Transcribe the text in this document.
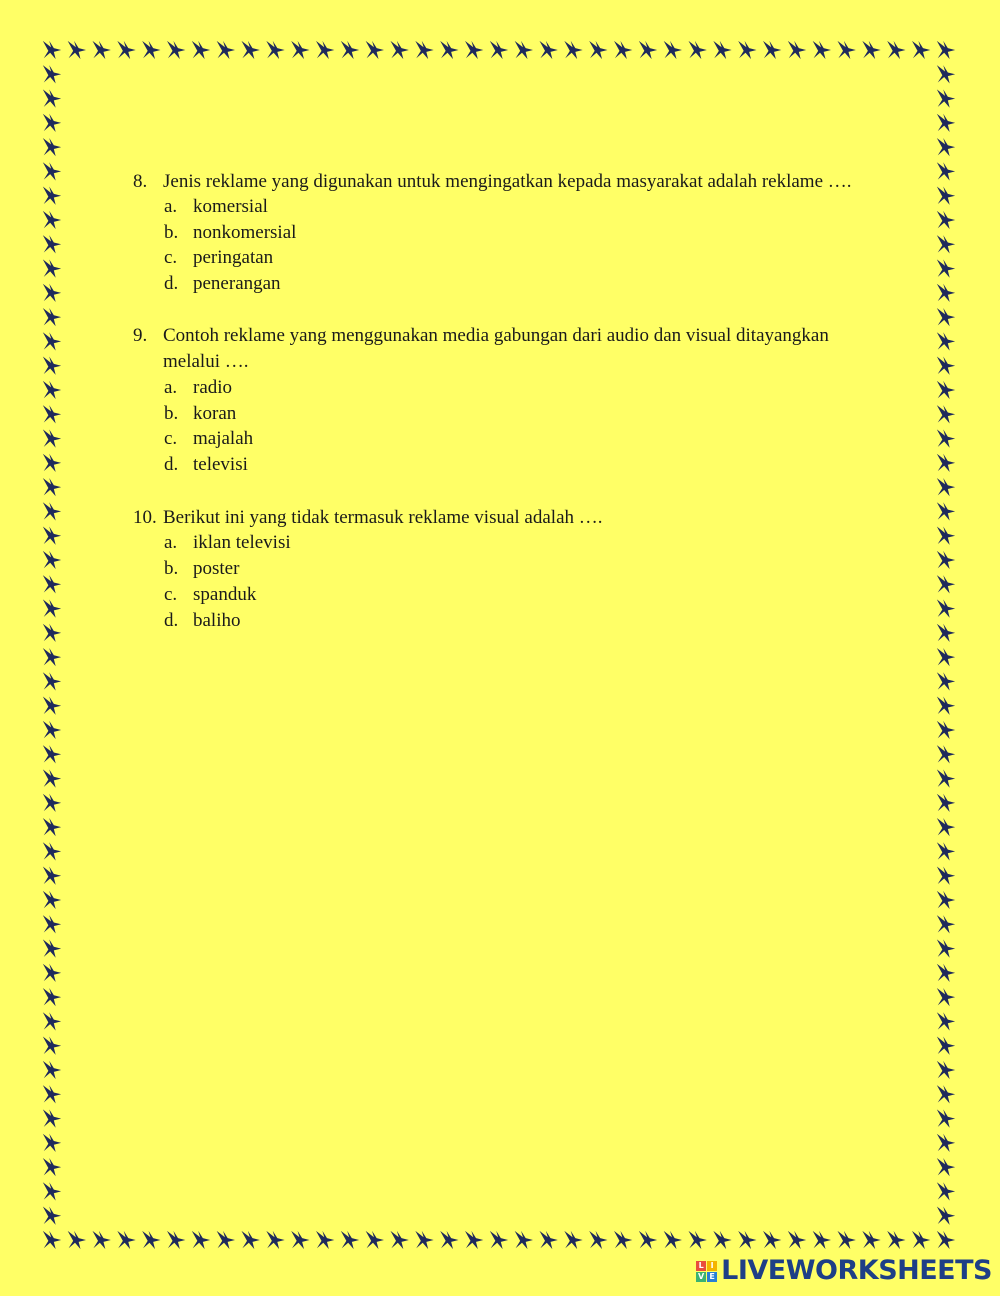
8. Jenis reklame yang digunakan untuk mengingatkan kepada masyarakat adalah reklame ….
a. komersial
b. nonkomersial
c. peringatan
d. penerangan
9. Contoh reklame yang menggunakan media gabungan dari audio dan visual ditayangkan melalui ….
a. radio
b. koran
c. majalah
d. televisi
10. Berikut ini yang tidak termasuk reklame visual adalah ….
a. iklan televisi
b. poster
c. spanduk
d. baliho
L I
V E LIVEWORKSHEETS
